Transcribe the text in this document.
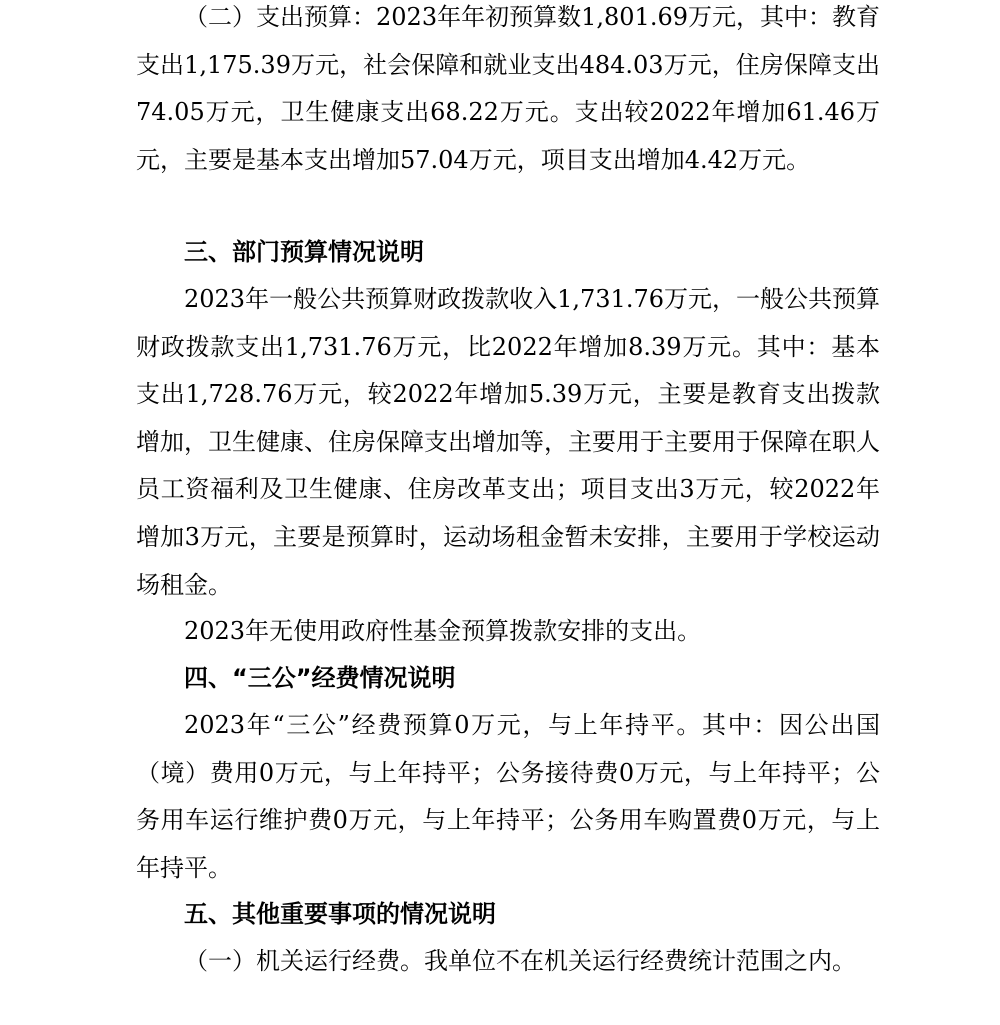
（二）支出预算：2023年年初预算数1,801.69万元，其中：教育支出1,175.39万元，社会保障和就业支出484.03万元，住房保障支出74.05万元，卫生健康支出68.22万元。支出较2022年增加61.46万元，主要是基本支出增加57.04万元，项目支出增加4.42万元。

三、部门预算情况说明

2023年一般公共预算财政拨款收入1,731.76万元，一般公共预算财政拨款支出1,731.76万元，比2022年增加8.39万元。其中：基本支出1,728.76万元，较2022年增加5.39万元，主要是教育支出拨款增加，卫生健康、住房保障支出增加等，主要用于主要用于保障在职人员工资福利及卫生健康、住房改革支出；项目支出3万元，较2022年增加3万元，主要是预算时，运动场租金暂未安排，主要用于学校运动场租金。

2023年无使用政府性基金预算拨款安排的支出。

四、“三公”经费情况说明

2023年“三公”经费预算0万元，与上年持平。其中：因公出国（境）费用0万元，与上年持平；公务接待费0万元，与上年持平；公务用车运行维护费0万元，与上年持平；公务用车购置费0万元，与上年持平。

五、其他重要事项的情况说明

（一）机关运行经费。我单位不在机关运行经费统计范围之内。
